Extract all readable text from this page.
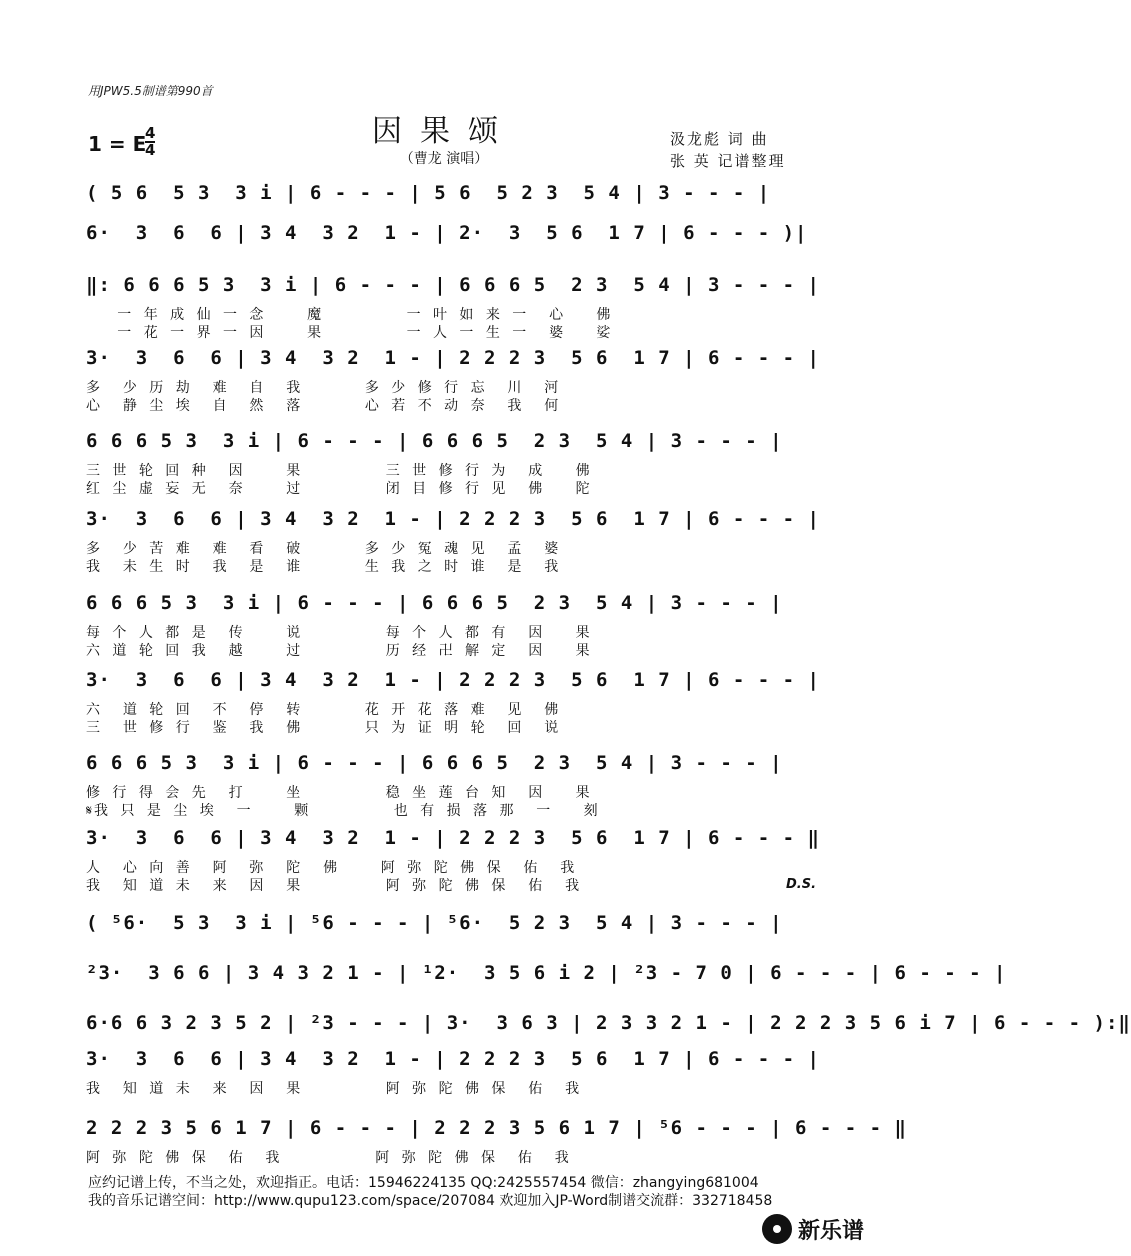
用JPW5.5制谱第990首
因果颂
（曹龙 演唱）
1 = E
4
4
汲龙彪 词 曲
张 英 记谱整理
( 5 6  5 3  3 i | 6 - - - | 5 6  5 2 3  5 4 | 3 - - - |
6·  3  6  6 | 3 4  3 2  1 - | 2·  3  5 6  1 7 | 6 - - - )|
‖: 6 6 6 5 3  3 i | 6 - - - | 6 6 6 5  2 3  5 4 | 3 - - - |
一 年 成 仙 一 念    魔        一 叶 如 来 一  心   佛
一 花 一 界 一 因    果        一 人 一 生 一  婆   娑
3·  3  6  6 | 3 4  3 2  1 - | 2 2 2 3  5 6  1 7 | 6 - - - |
多  少 历 劫  难  自  我      多 少 修 行 忘  川  河
心  静 尘 埃  自  然  落      心 若 不 动 奈  我  何
6 6 6 5 3  3 i | 6 - - - | 6 6 6 5  2 3  5 4 | 3 - - - |
三 世 轮 回 种  因    果        三 世 修 行 为  成   佛
红 尘 虚 妄 无  奈    过        闭 目 修 行 见  佛   陀
3·  3  6  6 | 3 4  3 2  1 - | 2 2 2 3  5 6  1 7 | 6 - - - |
多  少 苦 难  难  看  破      多 少 冤 魂 见  孟  婆
我  未 生 时  我  是  谁      生 我 之 时 谁  是  我
6 6 6 5 3  3 i | 6 - - - | 6 6 6 5  2 3  5 4 | 3 - - - |
每 个 人 都 是  传    说        每 个 人 都 有  因   果
六 道 轮 回 我  越    过        历 经 卍 解 定  因   果
3·  3  6  6 | 3 4  3 2  1 - | 2 2 2 3  5 6  1 7 | 6 - - - |
六  道 轮 回  不  停  转      花 开 花 落 难  见  佛
三  世 修 行  鉴  我  佛      只 为 证 明 轮  回  说
6 6 6 5 3  3 i | 6 - - - | 6 6 6 5  2 3  5 4 | 3 - - - |
修 行 得 会 先  打    坐        稳 坐 莲 台 知  因   果
𝄋我 只 是 尘 埃  一    颗        也 有 损 落 那  一   刻
3·  3  6  6 | 3 4  3 2  1 - | 2 2 2 3  5 6  1 7 | 6 - - - ‖
人  心 向 善  阿  弥  陀  佛    阿 弥 陀 佛 保  佑  我
我  知 道 未  来  因  果        阿 弥 陀 佛 保  佑  我
( ⁵6·  5 3  3 i | ⁵6 - - - | ⁵6·  5 2 3  5 4 | 3 - - - |
²3·  3 6 6 | 3 4 3 2 1 - | ¹2·  3 5 6 i 2 | ²3 - 7 0 | 6 - - - | 6 - - - |
6·6 6 3 2 3 5 2 | ²3 - - - | 3·  3 6 3 | 2 3 3 2 1 - | 2 2 2 3 5 6 i 7 | 6 - - - ):‖
3·  3  6  6 | 3 4  3 2  1 - | 2 2 2 3  5 6  1 7 | 6 - - - |
我  知 道 未  来  因  果        阿 弥 陀 佛 保  佑  我
2 2 2 3 5 6 1 7 | 6 - - - | 2 2 2 3 5 6 1 7 | ⁵6 - - - | 6 - - - ‖
阿 弥 陀 佛 保  佑  我         阿 弥 陀 佛 保  佑  我
D.S.
应约记谱上传，不当之处，欢迎指正。电话：15946224135 QQ:2425557454 微信：zhangying681004
我的音乐记谱空间：http://www.qupu123.com/space/207084 欢迎加入JP-Word制谱交流群：332718458
新乐谱
